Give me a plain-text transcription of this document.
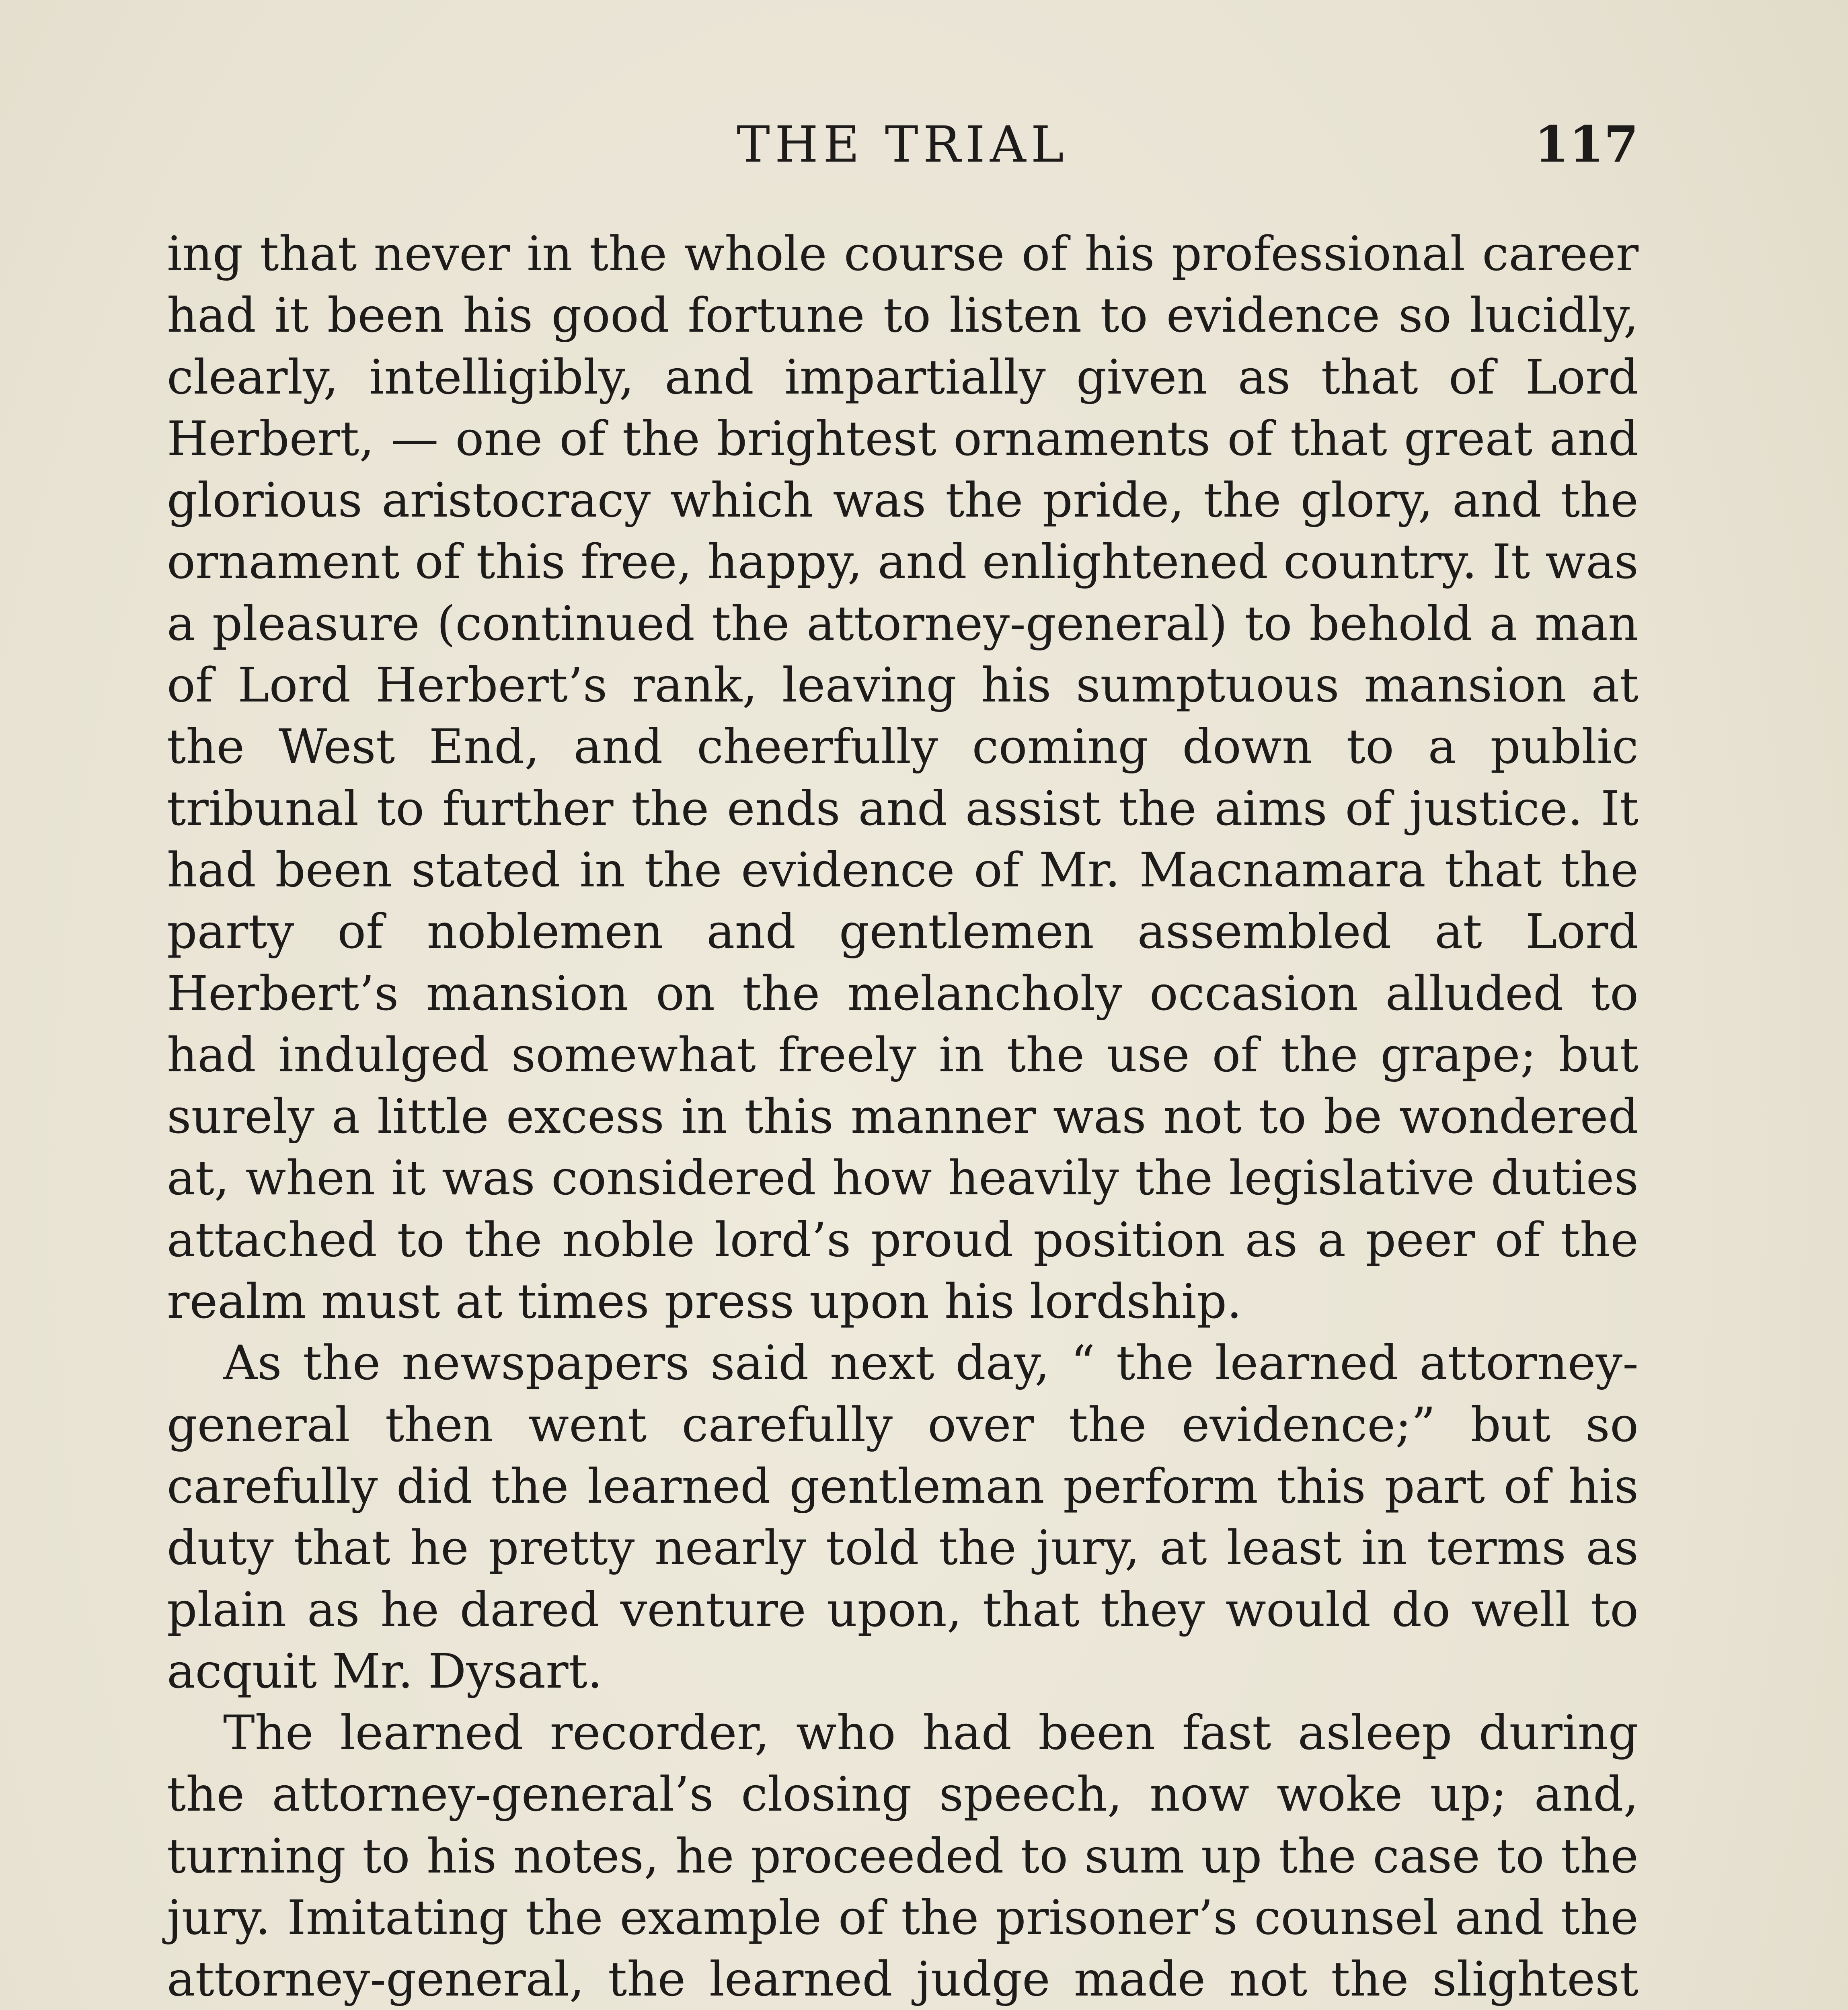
THE TRIAL	117

ing that never in the whole course of his professional career had it been his good fortune to listen to evidence so lucidly, clearly, intelligibly, and impartially given as that of Lord Herbert, — one of the brightest ornaments of that great and glorious aristocracy which was the pride, the glory, and the ornament of this free, happy, and enlightened country. It was a pleasure (continued the attorney-general) to behold a man of Lord Herbert’s rank, leaving his sumptuous mansion at the West End, and cheerfully coming down to a public tribunal to further the ends and assist the aims of justice. It had been stated in the evidence of Mr. Macnamara that the party of noblemen and gentlemen assembled at Lord Herbert’s mansion on the melancholy occasion alluded to had indulged somewhat freely in the use of the grape; but surely a little excess in this manner was not to be wondered at, when it was considered how heavily the legislative duties attached to the noble lord’s proud position as a peer of the realm must at times press upon his lordship.

As the newspapers said next day, “ the learned attorney-general then went carefully over the evidence;” but so carefully did the learned gentleman perform this part of his duty that he pretty nearly told the jury, at least in terms as plain as he dared venture upon, that they would do well to acquit Mr. Dysart.

The learned recorder, who had been fast asleep during the attorney-general’s closing speech, now woke up; and, turning to his notes, he proceeded to sum up the case to the jury. Imitating the example of the prisoner’s counsel and the attorney-general, the learned judge made not the slightest
